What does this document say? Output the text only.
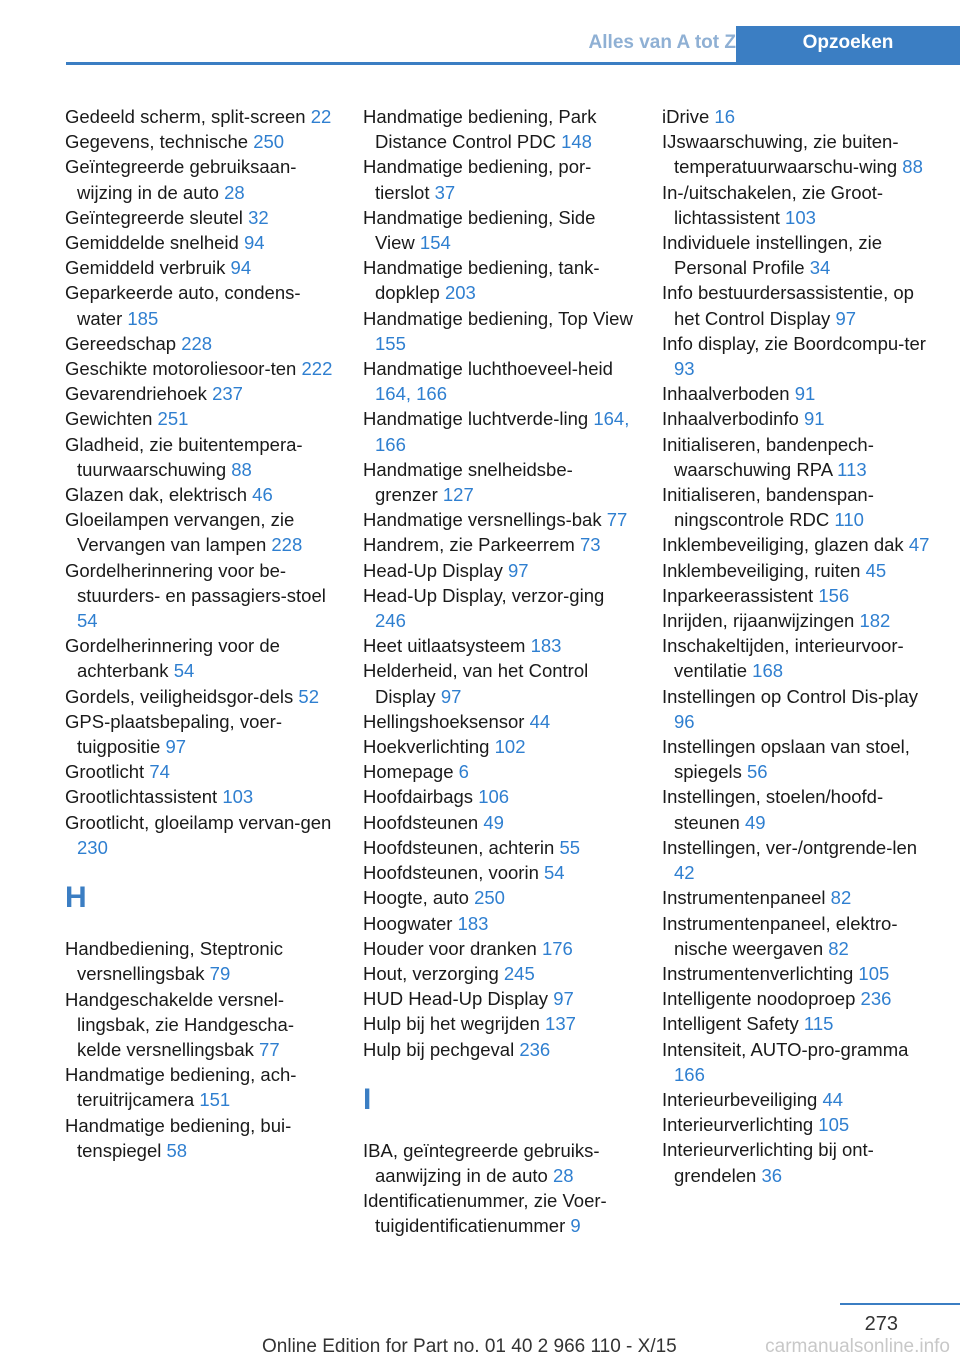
Alles van A tot Z	Opzoeken
Gedeeld scherm, split-screen 22
Gegevens, technische 250
Geïntegreerde gebruiksaan-wijzing in de auto 28
Geïntegreerde sleutel 32
Gemiddelde snelheid 94
Gemiddeld verbruik 94
Geparkeerde auto, condens-water 185
Gereedschap 228
Geschikte motoroliesoor-ten 222
Gevarendriehoek 237
Gewichten 251
Gladheid, zie buitentempera-tuurwaarschuwing 88
Glazen dak, elektrisch 46
Gloeilampen vervangen, zie Vervangen van lampen 228
Gordelherinnering voor be-stuurders- en passagiers-stoel 54
Gordelherinnering voor de achterbank 54
Gordels, veiligheidsgor-dels 52
GPS-plaatsbepaling, voer-tuigpositie 97
Grootlicht 74
Grootlichtassistent 103
Grootlicht, gloeilamp vervan-gen 230
H
Handbediening, Steptronic versnellingsbak 79
Handgeschakelde versnel-lingsbak, zie Handgescha-kelde versnellingsbak 77
Handmatige bediening, ach-teruitrijcamera 151
Handmatige bediening, bui-tenspiegel 58
Handmatige bediening, Park Distance Control PDC 148
Handmatige bediening, por-tierslot 37
Handmatige bediening, Side View 154
Handmatige bediening, tank-dopklep 203
Handmatige bediening, Top View 155
Handmatige luchthoeveel-heid 164, 166
Handmatige luchtverde-ling 164, 166
Handmatige snelheidsbe-grenzer 127
Handmatige versnellings-bak 77
Handrem, zie Parkeerrem 73
Head-Up Display 97
Head-Up Display, verzor-ging 246
Heet uitlaatsysteem 183
Helderheid, van het Control Display 97
Hellingshoeksensor 44
Hoekverlichting 102
Homepage 6
Hoofdairbags 106
Hoofdsteunen 49
Hoofdsteunen, achterin 55
Hoofdsteunen, voorin 54
Hoogte, auto 250
Hoogwater 183
Houder voor dranken 176
Hout, verzorging 245
HUD Head-Up Display 97
Hulp bij het wegrijden 137
Hulp bij pechgeval 236
I
IBA, geïntegreerde gebruiks-aanwijzing in de auto 28
Identificatienummer, zie Voer-tuigidentificatienummer 9
iDrive 16
IJswaarschuwing, zie buiten-temperatuurwaarschu-wing 88
In-/uitschakelen, zie Groot-lichtassistent 103
Individuele instellingen, zie Personal Profile 34
Info bestuurdersassistentie, op het Control Display 97
Info display, zie Boordcompu-ter 93
Inhaalverboden 91
Inhaalverbodinfo 91
Initialiseren, bandenpech-waarschuwing RPA 113
Initialiseren, bandenspan-ningscontrole RDC 110
Inklembeveiliging, glazen dak 47
Inklembeveiliging, ruiten 45
Inparkeerassistent 156
Inrijden, rijaanwijzingen 182
Inschakeltijden, interieurvoor-ventilatie 168
Instellingen op Control Dis-play 96
Instellingen opslaan van stoel, spiegels 56
Instellingen, stoelen/hoofd-steunen 49
Instellingen, ver-/ontgrende-len 42
Instrumentenpaneel 82
Instrumentenpaneel, elektro-nische weergaven 82
Instrumentenverlichting 105
Intelligente noodoproep 236
Intelligent Safety 115
Intensiteit, AUTO-pro-gramma 166
Interieurbeveiliging 44
Interieurverlichting 105
Interieurverlichting bij ont-grendelen 36
273
Online Edition for Part no. 01 40 2 966 110 - X/15	carmanualsonline.info
